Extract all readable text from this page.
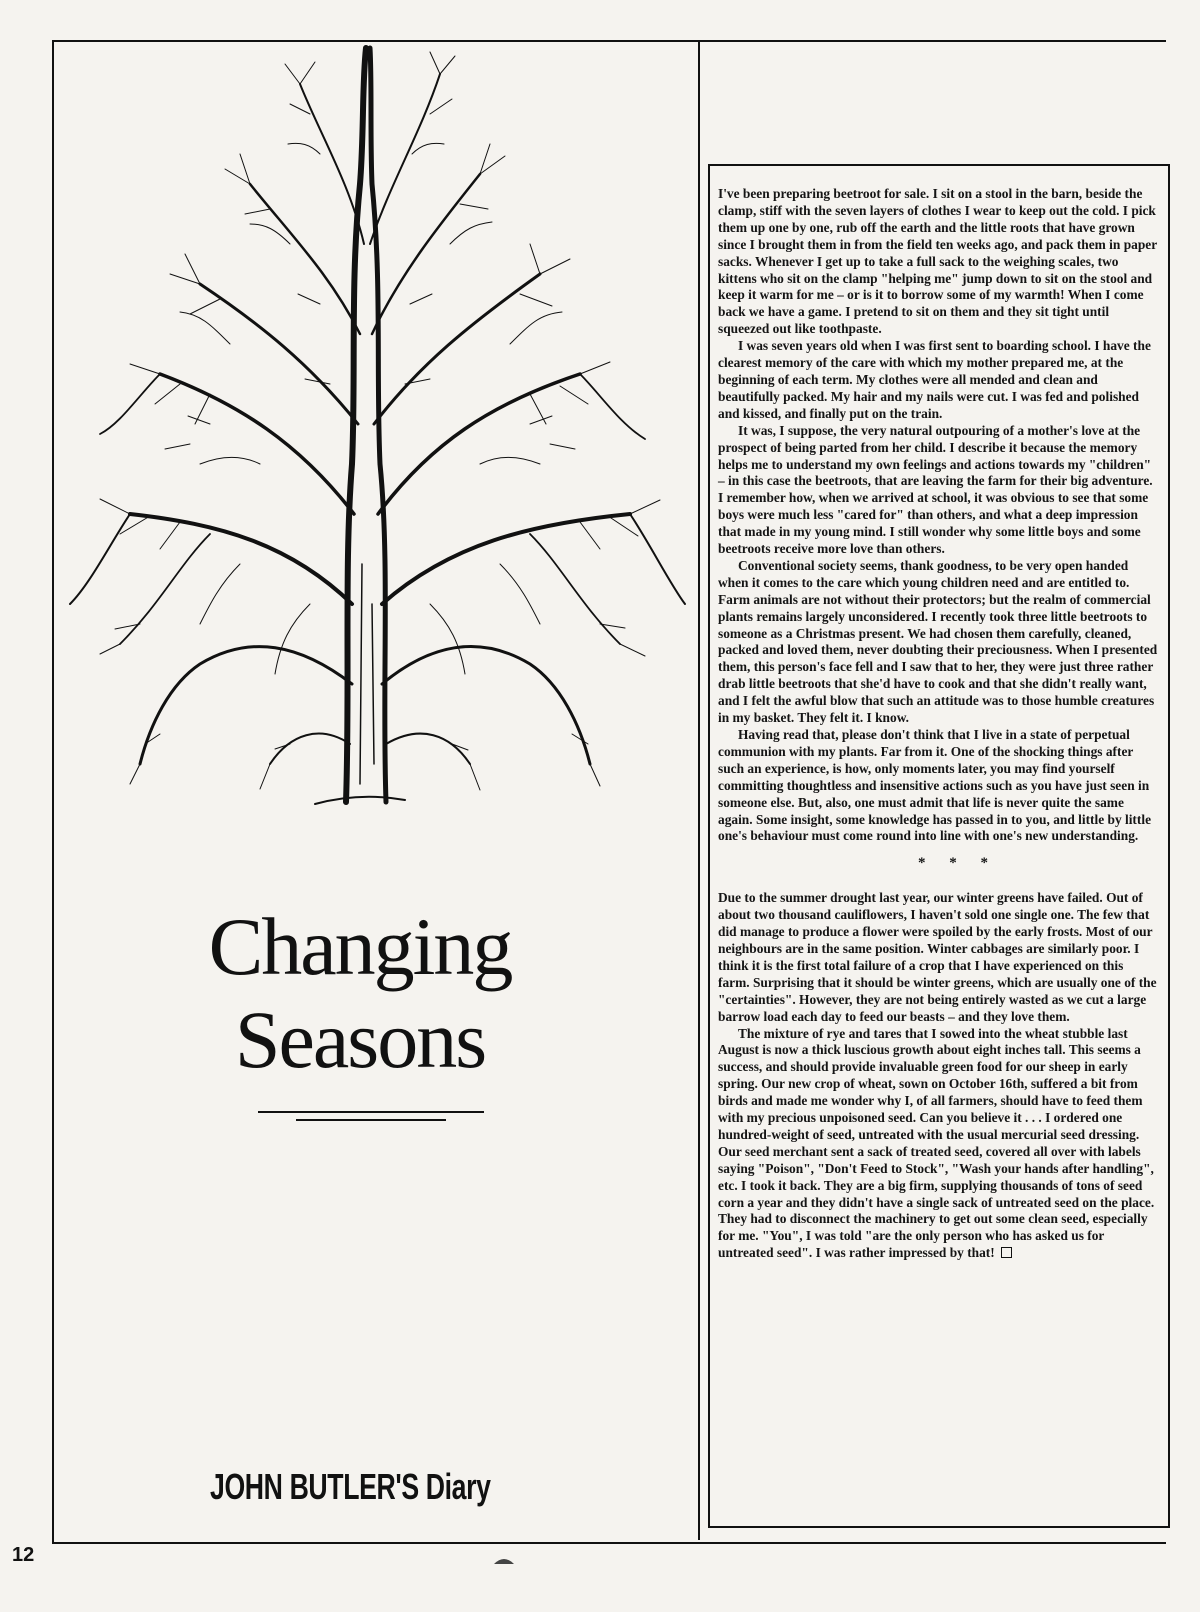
Changing
Seasons
JOHN BUTLER'S Diary
12

I've been preparing beetroot for sale. I sit on a stool in the barn, beside the clamp, stiff with the seven layers of clothes I wear to keep out the cold. I pick them up one by one, rub off the earth and the little roots that have grown since I brought them in from the field ten weeks ago, and pack them in paper sacks. Whenever I get up to take a full sack to the weighing scales, two kittens who sit on the clamp "helping me" jump down to sit on the stool and keep it warm for me – or is it to borrow some of my warmth! When I come back we have a game. I pretend to sit on them and they sit tight until squeezed out like toothpaste.

I was seven years old when I was first sent to boarding school. I have the clearest memory of the care with which my mother prepared me, at the beginning of each term. My clothes were all mended and clean and beautifully packed. My hair and my nails were cut. I was fed and polished and kissed, and finally put on the train.

It was, I suppose, the very natural outpouring of a mother's love at the prospect of being parted from her child. I describe it because the memory helps me to understand my own feelings and actions towards my "children" – in this case the beetroots, that are leaving the farm for their big adventure. I remember how, when we arrived at school, it was obvious to see that some boys were much less "cared for" than others, and what a deep impression that made in my young mind. I still wonder why some little boys and some beetroots receive more love than others.

Conventional society seems, thank goodness, to be very open handed when it comes to the care which young children need and are entitled to. Farm animals are not without their protectors; but the realm of commercial plants remains largely unconsidered. I recently took three little beetroots to someone as a Christmas present. We had chosen them carefully, cleaned, packed and loved them, never doubting their preciousness. When I presented them, this person's face fell and I saw that to her, they were just three rather drab little beetroots that she'd have to cook and that she didn't really want, and I felt the awful blow that such an attitude was to those humble creatures in my basket. They felt it. I know.

Having read that, please don't think that I live in a state of perpetual communion with my plants. Far from it. One of the shocking things after such an experience, is how, only moments later, you may find yourself committing thoughtless and insensitive actions such as you have just seen in someone else. But, also, one must admit that life is never quite the same again. Some insight, some knowledge has passed in to you, and little by little one's behaviour must come round into line with one's new understanding.

* * *

Due to the summer drought last year, our winter greens have failed. Out of about two thousand cauliflowers, I haven't sold one single one. The few that did manage to produce a flower were spoiled by the early frosts. Most of our neighbours are in the same position. Winter cabbages are similarly poor. I think it is the first total failure of a crop that I have experienced on this farm. Surprising that it should be winter greens, which are usually one of the "certainties". However, they are not being entirely wasted as we cut a large barrow load each day to feed our beasts – and they love them.

The mixture of rye and tares that I sowed into the wheat stubble last August is now a thick luscious growth about eight inches tall. This seems a success, and should provide invaluable green food for our sheep in early spring. Our new crop of wheat, sown on October 16th, suffered a bit from birds and made me wonder why I, of all farmers, should have to feed them with my precious unpoisoned seed. Can you believe it . . . I ordered one hundred-weight of seed, untreated with the usual mercurial seed dressing. Our seed merchant sent a sack of treated seed, covered all over with labels saying "Poison", "Don't Feed to Stock", "Wash your hands after handling", etc. I took it back. They are a big firm, supplying thousands of tons of seed corn a year and they didn't have a single sack of untreated seed on the place. They had to disconnect the machinery to get out some clean seed, especially for me. "You", I was told "are the only person who has asked us for untreated seed". I was rather impressed by that!
